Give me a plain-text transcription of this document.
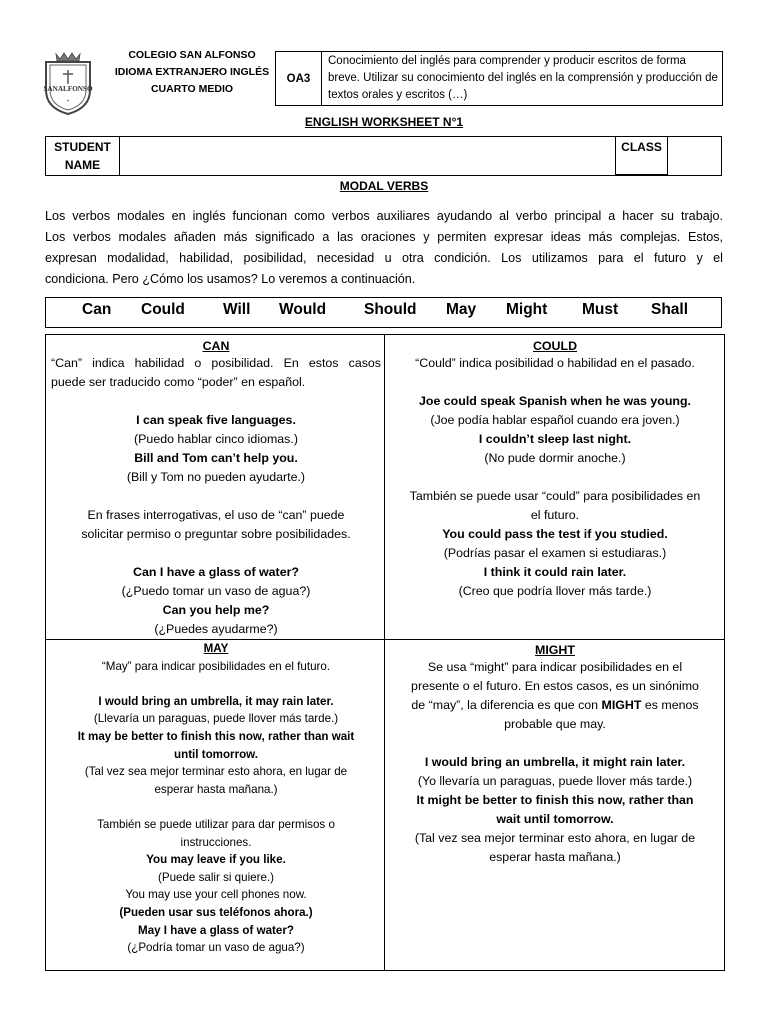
SANALFONSO
✦
COLEGIO SAN ALFONSO
IDIOMA EXTRANJERO INGLÉS
CUARTO MEDIO
OA3
Conocimiento del inglés para comprender y producir escritos de forma breve. Utilizar su conocimiento del inglés en la comprensión y producción de textos orales y escritos (…)
ENGLISH WORKSHEET N°1
STUDENT
NAME
CLASS
MODAL VERBS
Los verbos modales en inglés funcionan como verbos auxiliares ayudando al verbo principal a hacer su trabajo.
Los verbos modales añaden más significado a las oraciones y permiten expresar ideas más complejas. Estos,
expresan modalidad, habilidad, posibilidad, necesidad u otra condición. Los utilizamos para el futuro y el
condiciona. Pero ¿Cómo los usamos? Lo veremos a continuación.
Can Could Will Would Should May Might Must Shall
CAN
“Can” indica habilidad o posibilidad. En estos casos
puede ser traducido como “poder” en español.
I can speak five languages.
(Puedo hablar cinco idiomas.)
Bill and Tom can’t help you.
(Bill y Tom no pueden ayudarte.)
En frases interrogativas, el uso de “can” puede
solicitar permiso o preguntar sobre posibilidades.
Can I have a glass of water?
(¿Puedo tomar un vaso de agua?)
Can you help me?
(¿Puedes ayudarme?)
COULD
“Could” indica posibilidad o habilidad en el pasado.
Joe could speak Spanish when he was young.
(Joe podía hablar español cuando era joven.)
I couldn’t sleep last night.
(No pude dormir anoche.)
También se puede usar “could” para posibilidades en
el futuro.
You could pass the test if you studied.
(Podrías pasar el examen si estudiaras.)
I think it could rain later.
(Creo que podría llover más tarde.)
MAY
“May” para indicar posibilidades en el futuro.
I would bring an umbrella, it may rain later.
(Llevaría un paraguas, puede llover más tarde.)
It may be better to finish this now, rather than wait
until tomorrow.
(Tal vez sea mejor terminar esto ahora, en lugar de
esperar hasta mañana.)
También se puede utilizar para dar permisos o
instrucciones.
You may leave if you like.
(Puede salir si quiere.)
You may use your cell phones now.
(Pueden usar sus teléfonos ahora.)
May I have a glass of water?
(¿Podría tomar un vaso de agua?)
MIGHT
Se usa “might” para indicar posibilidades en el
presente o el futuro. En estos casos, es un sinónimo
de “may”, la diferencia es que con MIGHT es menos
probable que may.
I would bring an umbrella, it might rain later.
(Yo llevaría un paraguas, puede llover más tarde.)
It might be better to finish this now, rather than
wait until tomorrow.
(Tal vez sea mejor terminar esto ahora, en lugar de
esperar hasta mañana.)
